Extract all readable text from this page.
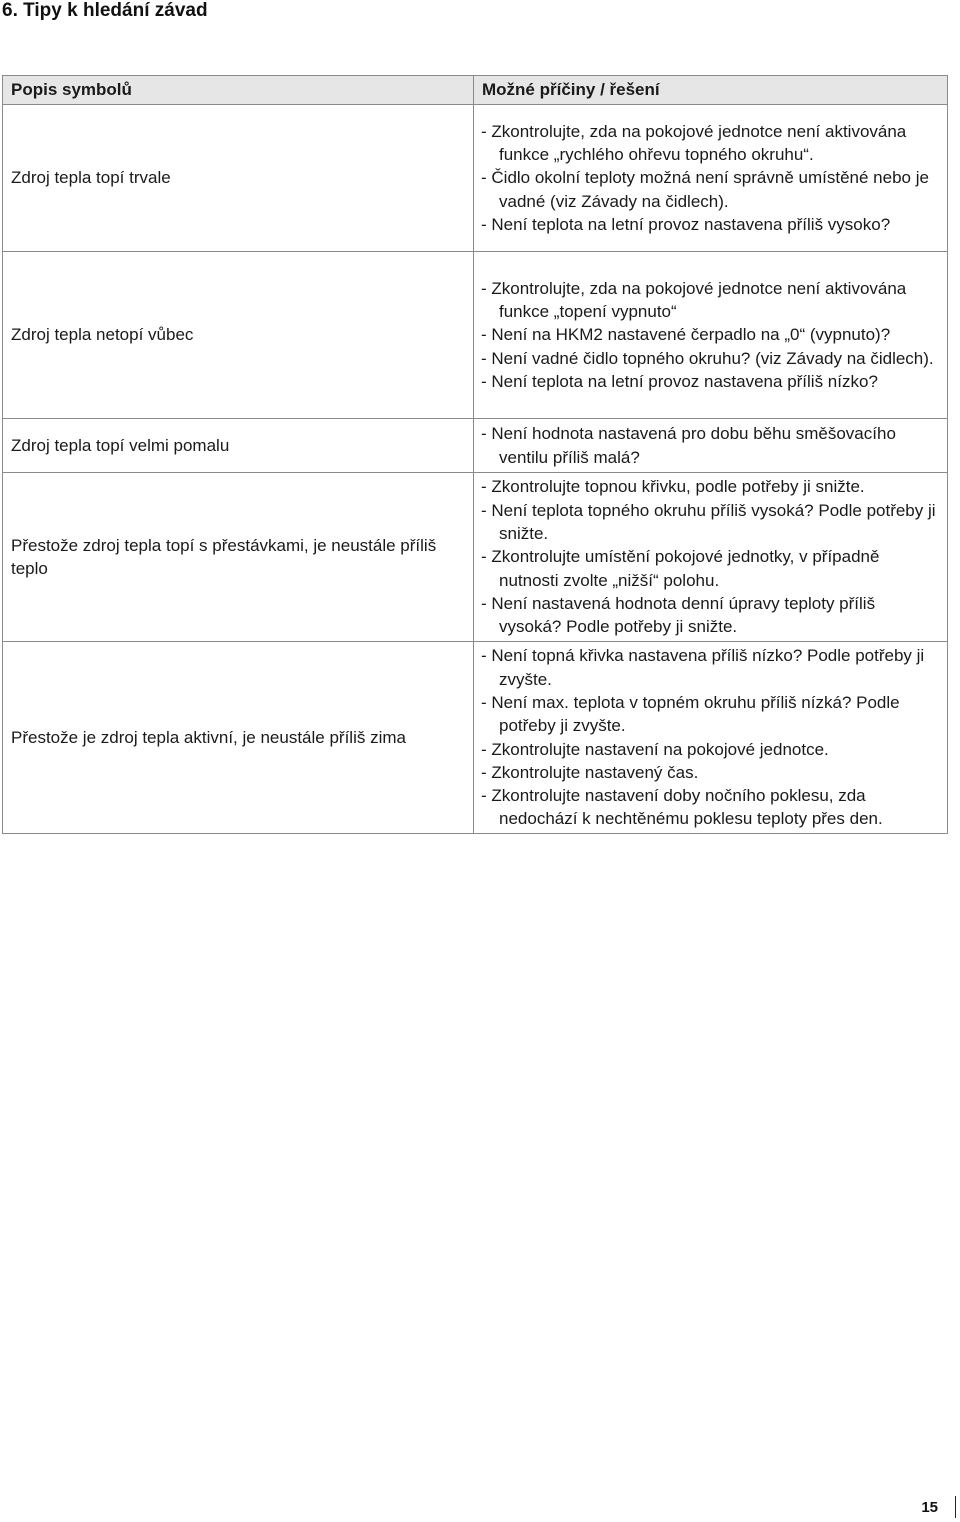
6. Tipy k hledání závad
Popis symbolů	Možné příčiny / řešení
Zdroj tepla topí trvale	- Zkontrolujte, zda na pokojové jednotce není aktivována funkce „rychlého ohřevu topného okruhu“.
- Čidlo okolní teploty možná není správně umístěné nebo je vadné (viz Závady na čidlech).
- Není teplota na letní provoz nastavena příliš vysoko?

Zdroj tepla netopí vůbec	- Zkontrolujte, zda na pokojové jednotce není aktivována funkce „topení vypnuto“
- Není na HKM2 nastavené čerpadlo na „0“ (vypnuto)?
- Není vadné čidlo topného okruhu? (viz Závady na čidlech).
- Není teplota na letní provoz nastavena příliš nízko?

Zdroj tepla topí velmi pomalu	- Není hodnota nastavená pro dobu běhu směšovacího ventilu příliš malá?

Přestože zdroj tepla topí s přestávkami, je neustále příliš teplo	- Zkontrolujte topnou křivku, podle potřeby ji snižte.
- Není teplota topného okruhu příliš vysoká? Podle potřeby ji snižte.
- Zkontrolujte umístění pokojové jednotky, v případně nutnosti zvolte „nižší“ polohu.
- Není nastavená hodnota denní úpravy teploty příliš vysoká? Podle potřeby ji snižte.

Přestože je zdroj tepla aktivní, je neustále příliš zima	- Není topná křivka nastavena příliš nízko? Podle potřeby ji zvyšte.
- Není max. teplota v topném okruhu příliš nízká? Podle potřeby ji zvyšte.
- Zkontrolujte nastavení na pokojové jednotce.
- Zkontrolujte nastavený čas.
- Zkontrolujte nastavení doby nočního poklesu, zda nedochází k nechtěnému poklesu teploty přes den.
15
